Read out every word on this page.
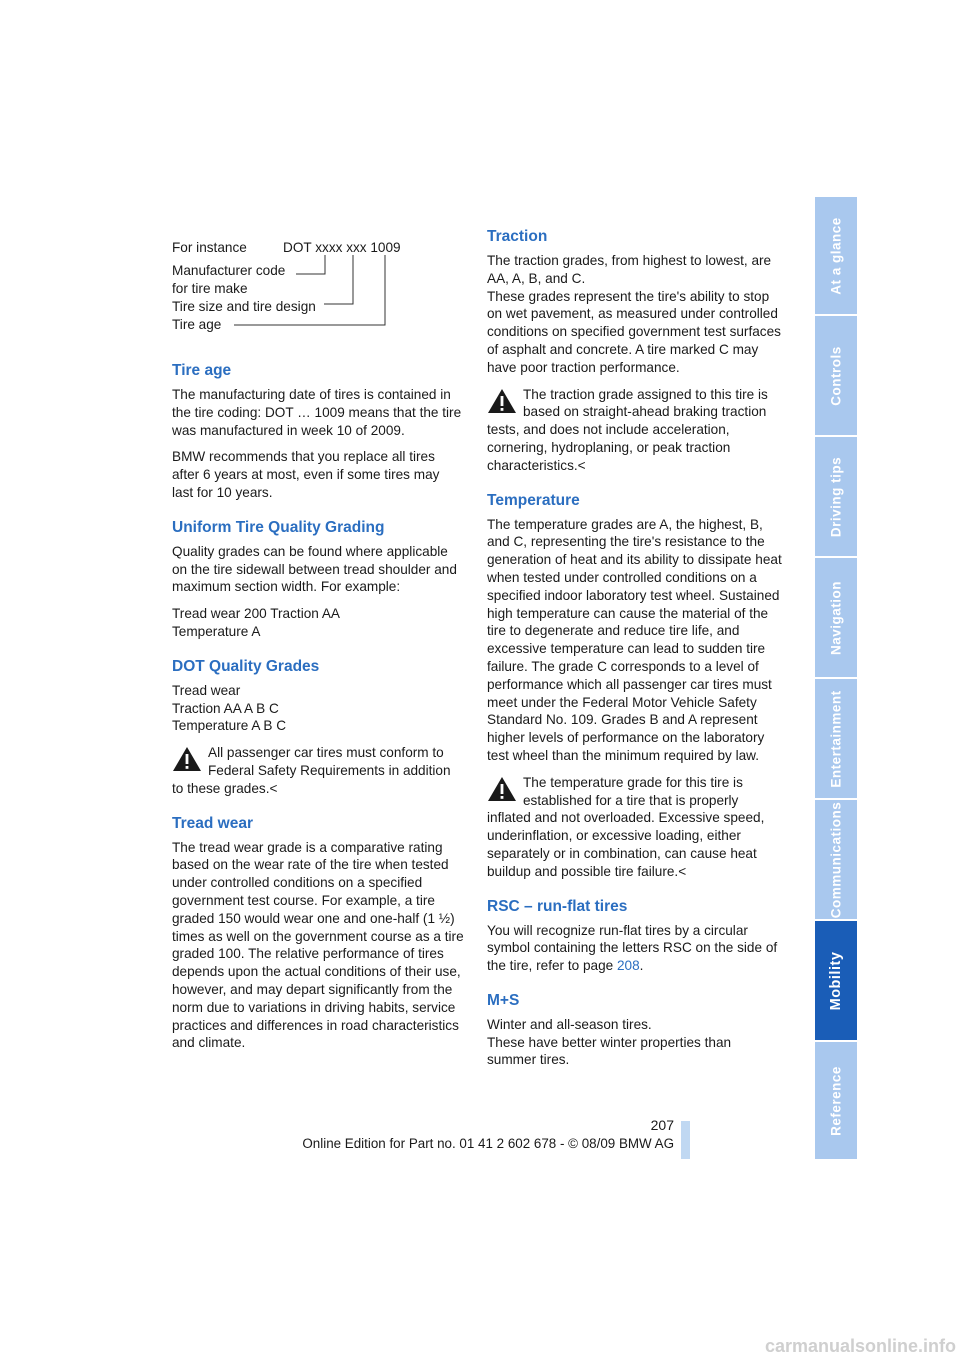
For instance	DOT xxxx xxx 1009
Manufacturer code
for tire make
Tire size and tire design
Tire age
Tire age

The manufacturing date of tires is contained in the tire coding: DOT … 1009 means that the tire was manufactured in week 10 of 2009.

BMW recommends that you replace all tires after 6 years at most, even if some tires may last for 10 years.

Uniform Tire Quality Grading

Quality grades can be found where applicable on the tire sidewall between tread shoulder and maximum section width. For example:

Tread wear 200 Traction AA

Temperature A

DOT Quality Grades

Tread wear

Traction AA A B C

Temperature A B C

All passenger car tires must conform to Federal Safety Requirements in addition to these grades.<
Tread wear

The tread wear grade is a comparative rating based on the wear rate of the tire when tested under controlled conditions on a specified government test course. For example, a tire graded 150 would wear one and one-half (1 ½) times as well on the government course as a tire graded 100. The relative performance of tires depends upon the actual conditions of their use, however, and may depart significantly from the norm due to variations in driving habits, service practices and differences in road characteristics and climate.

Traction

The traction grades, from highest to lowest, are AA, A, B, and C.

These grades represent the tire's ability to stop on wet pavement, as measured under controlled conditions on specified government test surfaces of asphalt and concrete. A tire marked C may have poor traction performance.

The traction grade assigned to this tire is based on straight-ahead braking traction tests, and does not include acceleration, cornering, hydroplaning, or peak traction characteristics.<
Temperature

The temperature grades are A, the highest, B, and C, representing the tire's resistance to the generation of heat and its ability to dissipate heat when tested under controlled conditions on a specified indoor laboratory test wheel. Sustained high temperature can cause the material of the tire to degenerate and reduce tire life, and excessive temperature can lead to sudden tire failure. The grade C corresponds to a level of performance which all passenger car tires must meet under the Federal Motor Vehicle Safety Standard No. 109. Grades B and A represent higher levels of performance on the laboratory test wheel than the minimum required by law.

The temperature grade for this tire is established for a tire that is properly inflated and not overloaded. Excessive speed, underinflation, or excessive loading, either separately or in combination, can cause heat buildup and possible tire failure.<
RSC – run-flat tires

You will recognize run-flat tires by a circular symbol containing the letters RSC on the side of the tire, refer to page 208.

M+S

Winter and all-season tires.

These have better winter properties than summer tires.

At a glance
Controls
Driving tips
Navigation
Entertainment
Communications
Mobility
Reference
207
Online Edition for Part no. 01 41 2 602 678 - © 08/09 BMW AG
carmanualsonline.info
